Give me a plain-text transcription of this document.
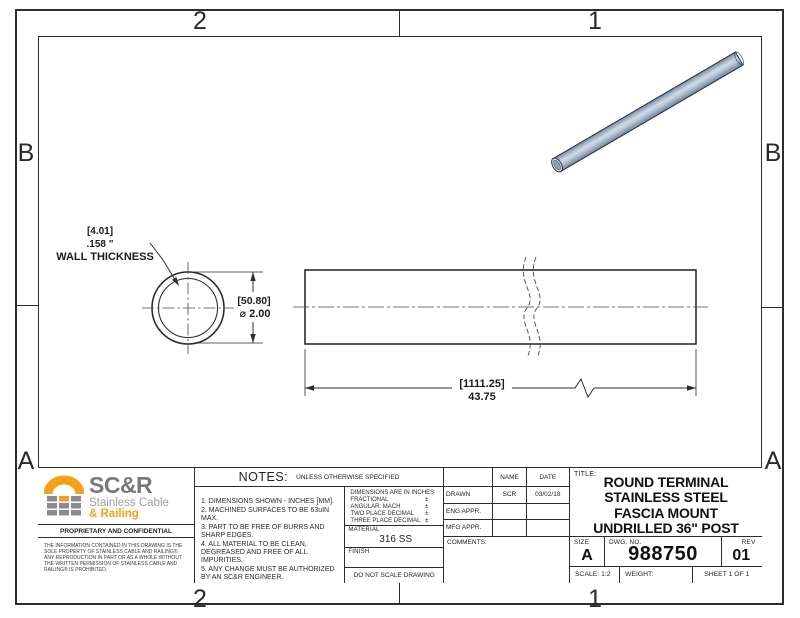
2	1
2	1
B
A
B
A
[4.01]
.158 "
WALL THICKNESS
[50.80]
⌀ 2.00
[1111.25]
43.75
SC&R
Stainless Cable
& Railing
PROPRIETARY AND CONFIDENTIAL
THE INFORMATION CONTAINED IN THIS DRAWING IS THE SOLE PROPERTY OF STAINLESS CABLE AND RAILING®. ANY REPRODUCTION IN PART OR AS A WHOLE WITHOUT THE WRITTEN PERMISSION OF STAINLESS CABLE AND RAILING® IS PROHIBITED.
NOTES: UNLESS OTHERWISE SPECIFIED
1. DIMENSIONS SHOWN - INCHES [MM].
2. MACHINED SURFACES TO BE 63uIN MAX.
3. PART TO BE FREE OF BURRS AND SHARP EDGES.
4. ALL MATERIAL TO BE CLEAN, DEGREASED AND FREE OF ALL IMPURITIES.
5. ANY CHANGE MUST BE AUTHORIZED BY AN SC&R ENGINEER.
DIMENSIONS ARE IN INCHES
FRACTIONAL	±
ANGULAR: MACH	±
TWO PLACE DECIMAL ±
THREE PLACE DECIMAL ±
MATERIAL
316 SS
FINISH
DO NOT SCALE DRAWING
NAME	DATE
DRAWN	SCR	03/02/18
ENG APPR.
MFG APPR.
COMMENTS:
TITLE: ROUND TERMINAL
STAINLESS STEEL
FASCIA MOUNT
UNDRILLED 36" POST
SIZE
A
DWG. NO.
988750
REV
01
SCALE: 1:2	WEIGHT:	SHEET 1 OF 1
